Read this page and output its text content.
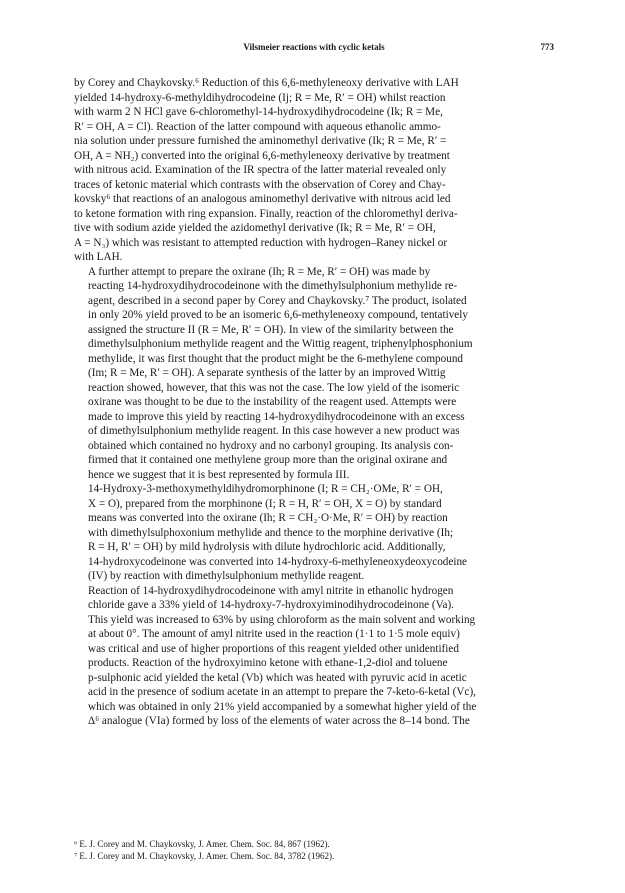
Vilsmeier reactions with cyclic ketals	773

by Corey and Chaykovsky.⁶ Reduction of this 6,6-methyleneoxy derivative with LAH
yielded 14-hydroxy-6-methyldihydrocodeine (Ij; R = Me, R′ = OH) whilst reaction
with warm 2 N HCl gave 6-chloromethyl-14-hydroxydihydrocodeine (Ik; R = Me,
R′ = OH, A = Cl). Reaction of the latter compound with aqueous ethanolic ammo-
nia solution under pressure furnished the aminomethyl derivative (Ik; R = Me, R′ =
OH, A = NH₂) converted into the original 6,6-methyleneoxy derivative by treatment
with nitrous acid. Examination of the IR spectra of the latter material revealed only
traces of ketonic material which contrasts with the observation of Corey and Chay-
kovsky⁶ that reactions of an analogous aminomethyl derivative with nitrous acid led
to ketone formation with ring expansion. Finally, reaction of the chloromethyl deriva-
tive with sodium azide yielded the azidomethyl derivative (Ik; R = Me, R′ = OH,
A = N₃) which was resistant to attempted reduction with hydrogen–Raney nickel or
with LAH.

A further attempt to prepare the oxirane (Ih; R = Me, R′ = OH) was made by
reacting 14-hydroxydihydrocodeinone with the dimethylsulphonium methylide re-
agent, described in a second paper by Corey and Chaykovsky.⁷ The product, isolated
in only 20% yield proved to be an isomeric 6,6-methyleneoxy compound, tentatively
assigned the structure II (R = Me, R′ = OH). In view of the similarity between the
dimethylsulphonium methylide reagent and the Wittig reagent, triphenylphosphonium
methylide, it was first thought that the product might be the 6-methylene compound
(Im; R = Me, R′ = OH). A separate synthesis of the latter by an improved Wittig
reaction showed, however, that this was not the case. The low yield of the isomeric
oxirane was thought to be due to the instability of the reagent used. Attempts were
made to improve this yield by reacting 14-hydroxydihydrocodeinone with an excess
of dimethylsulphonium methylide reagent. In this case however a new product was
obtained which contained no hydroxy and no carbonyl grouping. Its analysis con-
firmed that it contained one methylene group more than the original oxirane and
hence we suggest that it is best represented by formula III.

14-Hydroxy-3-methoxymethyldihydromorphinone (I; R = CH₂·OMe, R′ = OH,
X = O), prepared from the morphinone (I; R = H, R′ = OH, X = O) by standard
means was converted into the oxirane (Ih; R = CH₂·O·Me, R′ = OH) by reaction
with dimethylsulphoxonium methylide and thence to the morphine derivative (Ih;
R = H, R′ = OH) by mild hydrolysis with dilute hydrochloric acid. Additionally,
14-hydroxycodeinone was converted into 14-hydroxy-6-methyleneoxydeoxycodeine
(IV) by reaction with dimethylsulphonium methylide reagent.

Reaction of 14-hydroxydihydrocodeinone with amyl nitrite in ethanolic hydrogen
chloride gave a 33% yield of 14-hydroxy-7-hydroxyiminodihydrocodeinone (Va).
This yield was increased to 63% by using chloroform as the main solvent and working
at about 0°. The amount of amyl nitrite used in the reaction (1·1 to 1·5 mole equiv)
was critical and use of higher proportions of this reagent yielded other unidentified
products. Reaction of the hydroxyimino ketone with ethane-1,2-diol and toluene
p-sulphonic acid yielded the ketal (Vb) which was heated with pyruvic acid in acetic
acid in the presence of sodium acetate in an attempt to prepare the 7-keto-6-ketal (Vc),
which was obtained in only 21% yield accompanied by a somewhat higher yield of the
Δ⁶ analogue (VIa) formed by loss of the elements of water across the 8–14 bond. The

⁶ E. J. Corey and M. Chaykovsky, J. Amer. Chem. Soc. 84, 867 (1962).
⁷ E. J. Corey and M. Chaykovsky, J. Amer. Chem. Soc. 84, 3782 (1962).
